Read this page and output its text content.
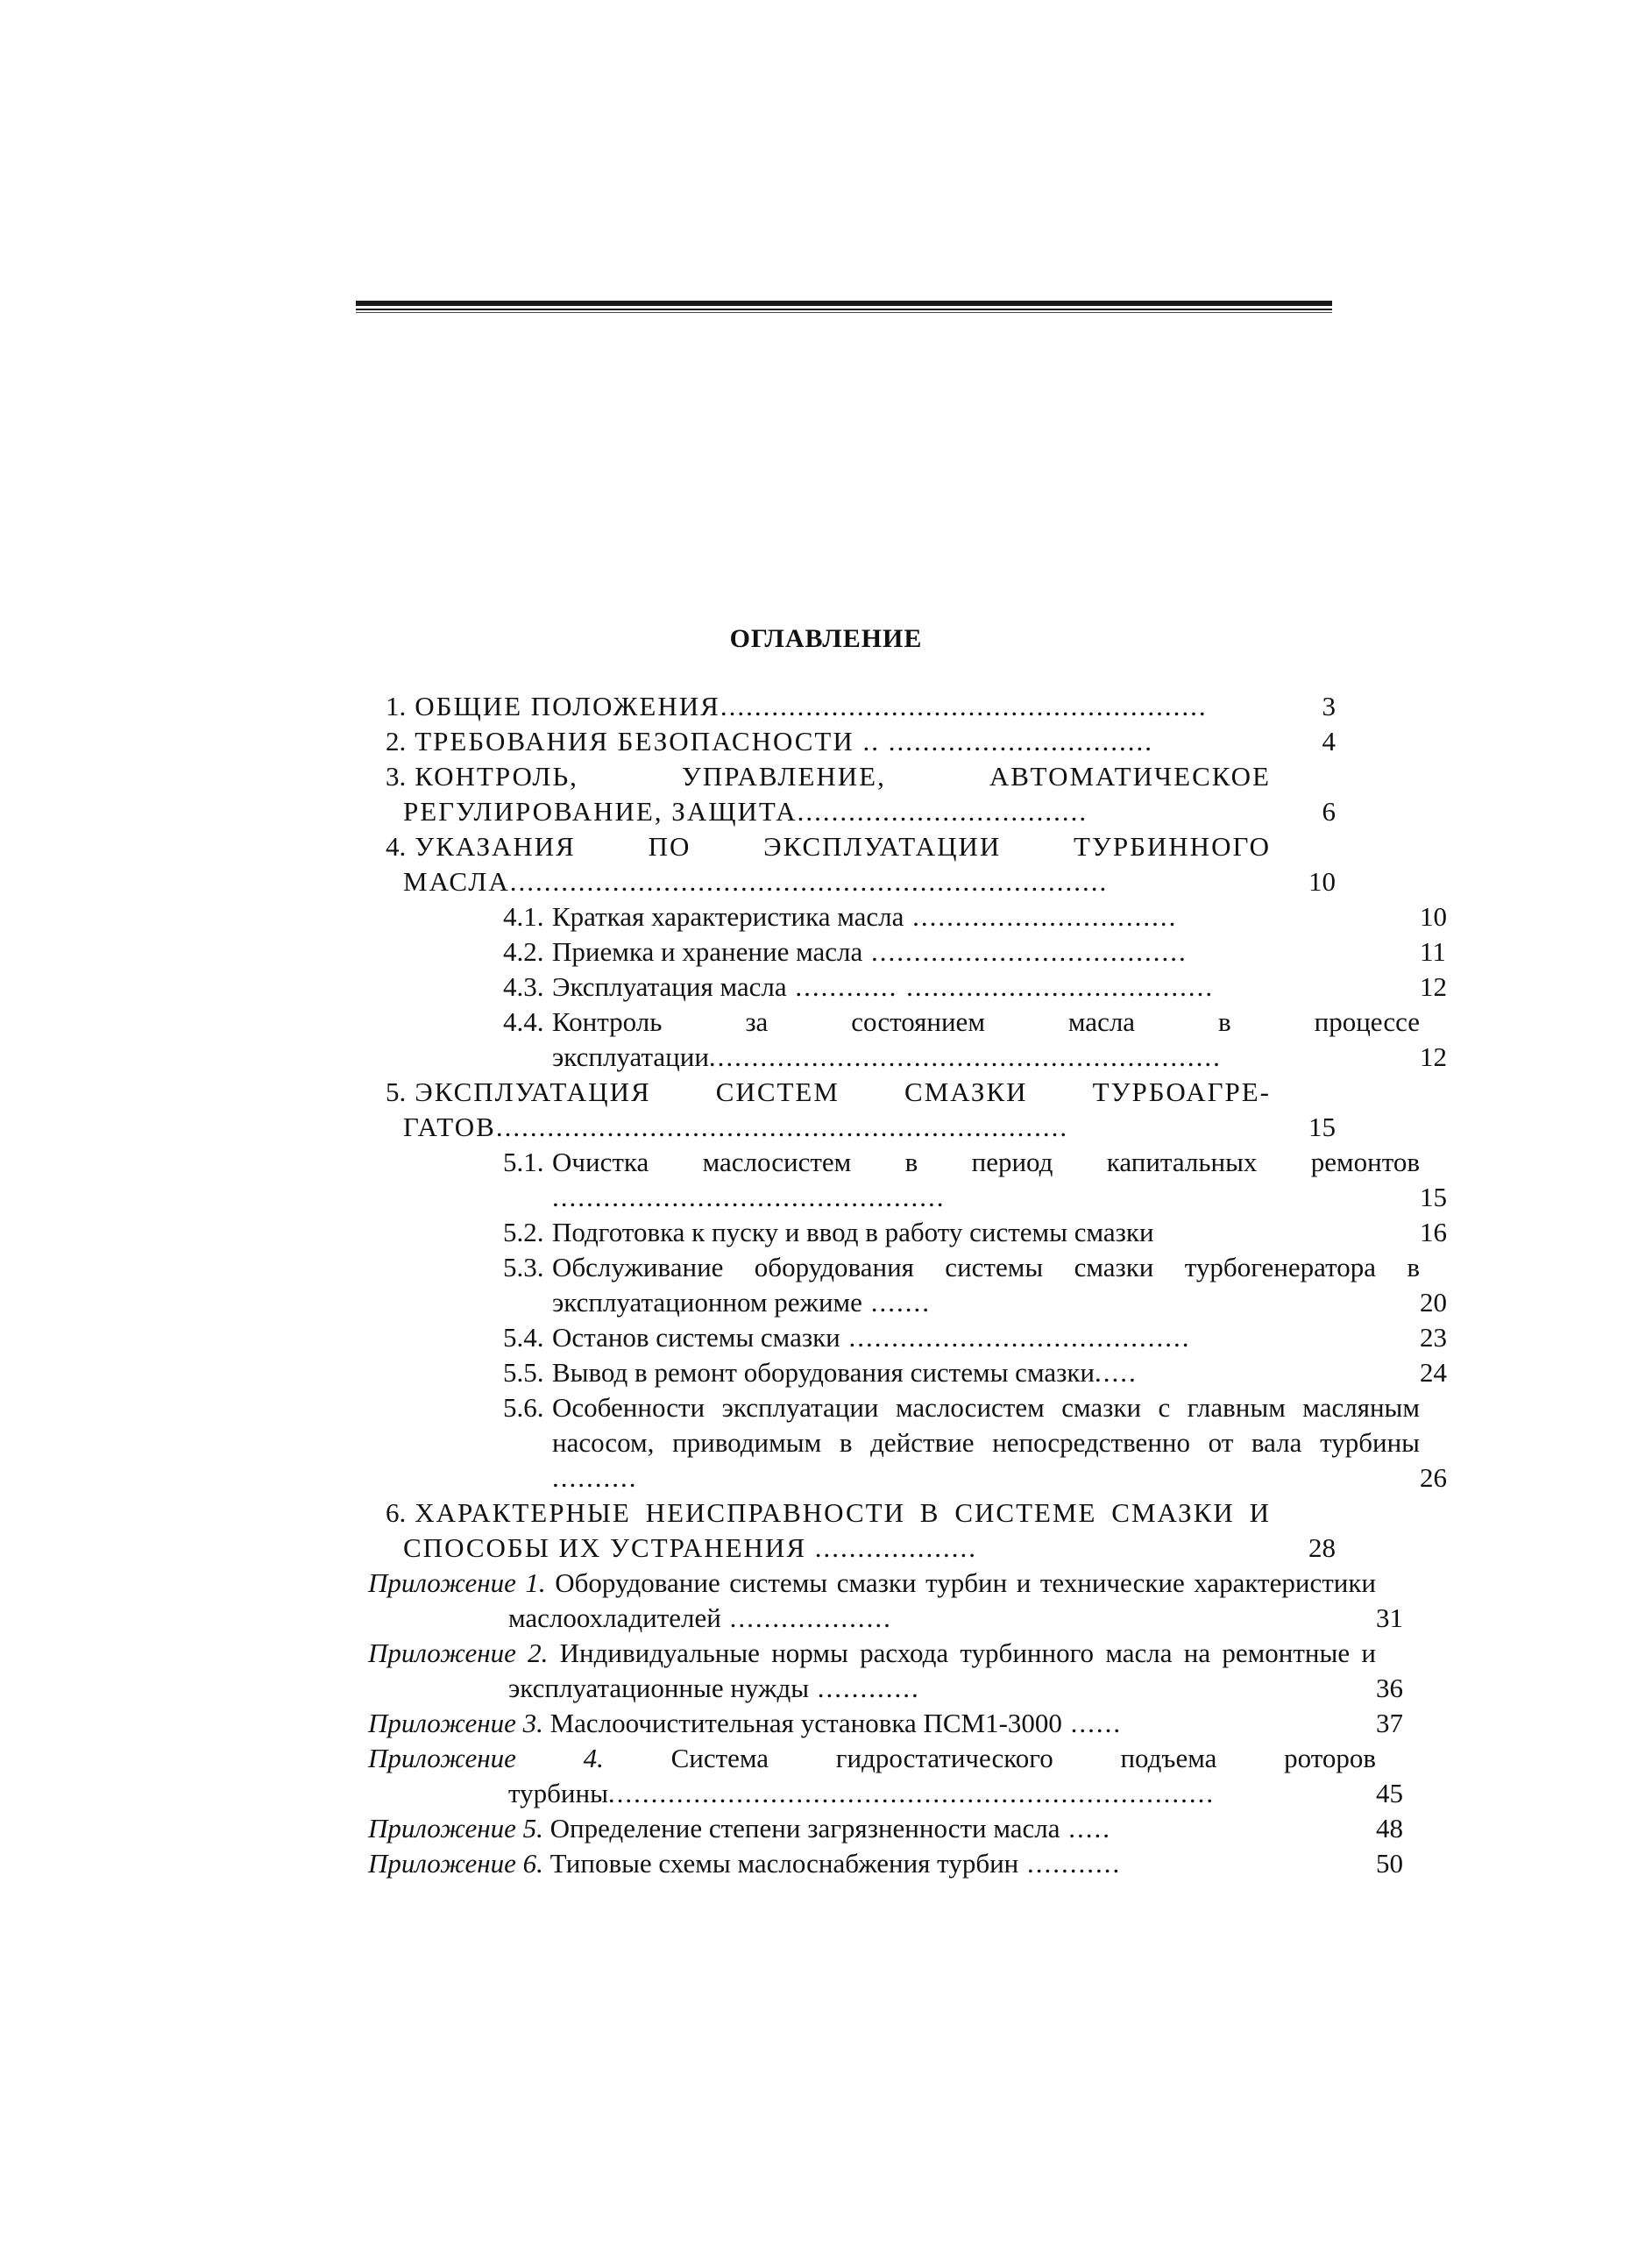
ОГЛАВЛЕНИЕ
1. ОБЩИЕ ПОЛОЖЕНИЯ.........................................................	3
2. ТРЕБОВАНИЯ БЕЗОПАСНОСТИ .. ...............................	4
3. КОНТРОЛЬ, УПРАВЛЕНИЕ, АВТОМАТИЧЕСКОЕ РЕГУЛИРОВАНИЕ, ЗАЩИТА..................................	6
4. УКАЗАНИЯ ПО ЭКСПЛУАТАЦИИ ТУРБИННОГО МАСЛА......................................................................	10
4.1. Краткая характеристика масла ...............................	10
4.2. Приемка и хранение масла .....................................	11
4.3. Эксплуатация масла ............ ....................................	12
4.4. Контроль за состоянием масла в процессе эксплуатации............................................................	12
5. ЭКСПЛУАТАЦИЯ СИСТЕМ СМАЗКИ ТУРБОАГРЕ-ГАТОВ...................................................................	15
5.1. Очистка маслосистем в период капитальных ремонтов ..............................................	15
5.2. Подготовка к пуску и ввод в работу системы смазки	16
5.3. Обслуживание оборудования системы смазки турбогенератора в эксплуатационном режиме .......	20
5.4. Останов системы смазки ........................................	23
5.5. Вывод в ремонт оборудования системы смазки.....	24
5.6. Особенности эксплуатации маслосистем смазки с главным масляным насосом, приводимым в действие непосредственно от вала турбины ..........	26
6. ХАРАКТЕРНЫЕ НЕИСПРАВНОСТИ В СИСТЕМЕ СМАЗКИ И СПОСОБЫ ИХ УСТРАНЕНИЯ ...................	28
Приложение 1. Оборудование системы смазки турбин и технические характеристики маслоохладителей ...................	31
Приложение 2. Индивидуальные нормы расхода турбинного масла на ремонтные и эксплуатационные нужды ............	36
Приложение 3. Маслоочистительная установка ПСМ1-3000 ......	37
Приложение 4. Система гидростатического подъема роторов турбины.......................................................................	45
Приложение 5. Определение степени загрязненности масла .....	48
Приложение 6. Типовые схемы маслоснабжения турбин ...........	50
